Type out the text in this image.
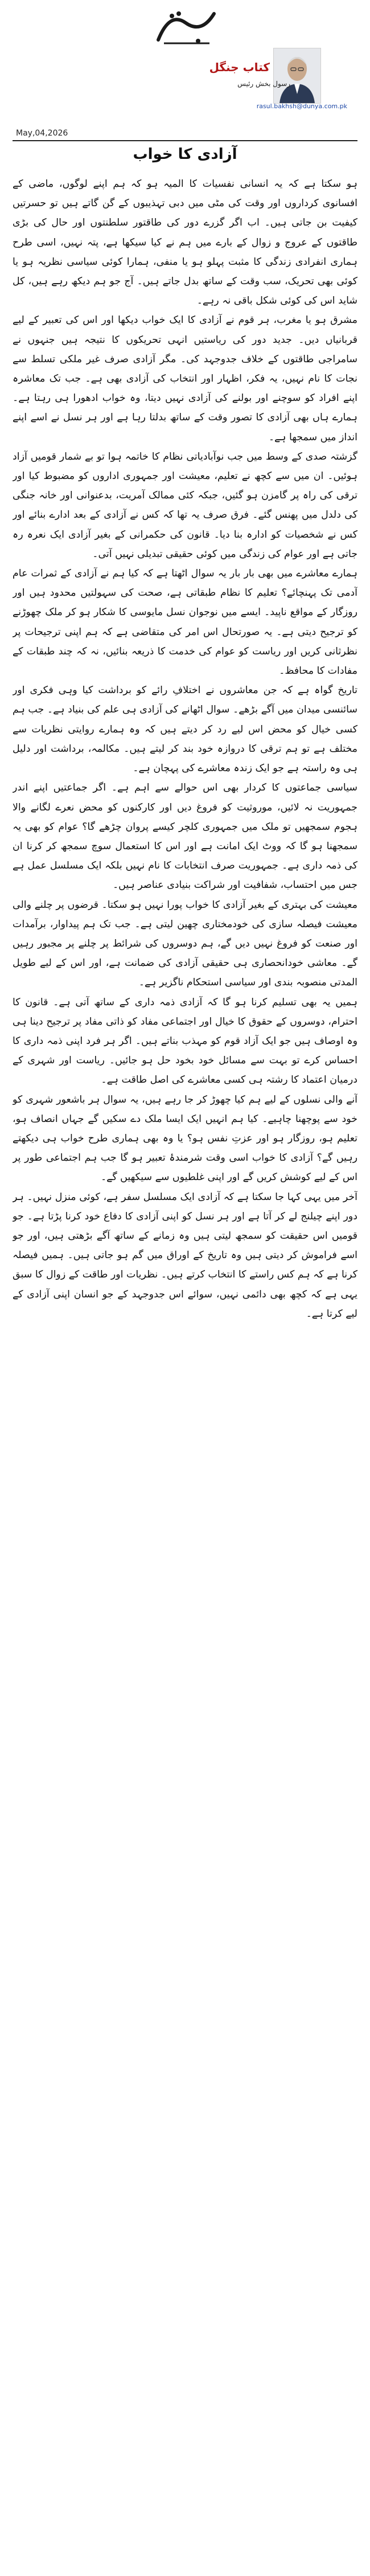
کتاب جنگل
رسول بخش رئیس
rasul.bakhsh@dunya.com.pk
May,04,2026
آزادی کا خواب

ہو سکتا ہے کہ یہ انسانی نفسیات کا المیہ ہو کہ ہم اپنے لوگوں، ماضی کے افسانوی کرداروں اور وقت کی مٹی میں دبی تہذیبوں کے گن گاتے ہیں تو حسرتیں کیفیت بن جاتی ہیں۔ اب اگر گزرے دور کی طاقتور سلطنتوں اور حال کی بڑی طاقتوں کے عروج و زوال کے بارے میں ہم نے کیا سیکھا ہے، پتہ نہیں، اسی طرح ہماری انفرادی زندگی کا مثبت پہلو ہو یا منفی، ہمارا کوئی سیاسی نظریہ ہو یا کوئی بھی تحریک، سب وقت کے ساتھ بدل جاتے ہیں۔ آج جو ہم دیکھ رہے ہیں، کل شاید اس کی کوئی شکل باقی نہ رہے۔

مشرق ہو یا مغرب، ہر قوم نے آزادی کا ایک خواب دیکھا اور اس کی تعبیر کے لیے قربانیاں دیں۔ جدید دور کی ریاستیں انہی تحریکوں کا نتیجہ ہیں جنہوں نے سامراجی طاقتوں کے خلاف جدوجہد کی۔ مگر آزادی صرف غیر ملکی تسلط سے نجات کا نام نہیں، یہ فکر، اظہار اور انتخاب کی آزادی بھی ہے۔ جب تک معاشرہ اپنے افراد کو سوچنے اور بولنے کی آزادی نہیں دیتا، وہ خواب ادھورا ہی رہتا ہے۔ ہمارے ہاں بھی آزادی کا تصور وقت کے ساتھ بدلتا رہا ہے اور ہر نسل نے اسے اپنے انداز میں سمجھا ہے۔

گزشتہ صدی کے وسط میں جب نوآبادیاتی نظام کا خاتمہ ہوا تو بے شمار قومیں آزاد ہوئیں۔ ان میں سے کچھ نے تعلیم، معیشت اور جمہوری اداروں کو مضبوط کیا اور ترقی کی راہ پر گامزن ہو گئیں، جبکہ کئی ممالک آمریت، بدعنوانی اور خانہ جنگی کی دلدل میں پھنس گئے۔ فرق صرف یہ تھا کہ کس نے آزادی کے بعد ادارے بنائے اور کس نے شخصیات کو ادارہ بنا دیا۔ قانون کی حکمرانی کے بغیر آزادی ایک نعرہ رہ جاتی ہے اور عوام کی زندگی میں کوئی حقیقی تبدیلی نہیں آتی۔

ہمارے معاشرے میں بھی بار بار یہ سوال اٹھتا ہے کہ کیا ہم نے آزادی کے ثمرات عام آدمی تک پہنچائے؟ تعلیم کا نظام طبقاتی ہے، صحت کی سہولتیں محدود ہیں اور روزگار کے مواقع ناپید۔ ایسے میں نوجوان نسل مایوسی کا شکار ہو کر ملک چھوڑنے کو ترجیح دیتی ہے۔ یہ صورتحال اس امر کی متقاضی ہے کہ ہم اپنی ترجیحات پر نظرثانی کریں اور ریاست کو عوام کی خدمت کا ذریعہ بنائیں، نہ کہ چند طبقات کے مفادات کا محافظ۔

تاریخ گواہ ہے کہ جن معاشروں نے اختلافِ رائے کو برداشت کیا وہی فکری اور سائنسی میدان میں آگے بڑھے۔ سوال اٹھانے کی آزادی ہی علم کی بنیاد ہے۔ جب ہم کسی خیال کو محض اس لیے رد کر دیتے ہیں کہ وہ ہمارے روایتی نظریات سے مختلف ہے تو ہم ترقی کا دروازہ خود بند کر لیتے ہیں۔ مکالمہ، برداشت اور دلیل ہی وہ راستہ ہے جو ایک زندہ معاشرے کی پہچان ہے۔

سیاسی جماعتوں کا کردار بھی اس حوالے سے اہم ہے۔ اگر جماعتیں اپنے اندر جمہوریت نہ لائیں، موروثیت کو فروغ دیں اور کارکنوں کو محض نعرے لگانے والا ہجوم سمجھیں تو ملک میں جمہوری کلچر کیسے پروان چڑھے گا؟ عوام کو بھی یہ سمجھنا ہو گا کہ ووٹ ایک امانت ہے اور اس کا استعمال سوچ سمجھ کر کرنا ان کی ذمہ داری ہے۔ جمہوریت صرف انتخابات کا نام نہیں بلکہ ایک مسلسل عمل ہے جس میں احتساب، شفافیت اور شراکت بنیادی عناصر ہیں۔

معیشت کی بہتری کے بغیر آزادی کا خواب پورا نہیں ہو سکتا۔ قرضوں پر چلنے والی معیشت فیصلہ سازی کی خودمختاری چھین لیتی ہے۔ جب تک ہم پیداوار، برآمدات اور صنعت کو فروغ نہیں دیں گے، ہم دوسروں کی شرائط پر چلنے پر مجبور رہیں گے۔ معاشی خودانحصاری ہی حقیقی آزادی کی ضمانت ہے، اور اس کے لیے طویل المدتی منصوبہ بندی اور سیاسی استحکام ناگزیر ہے۔

ہمیں یہ بھی تسلیم کرنا ہو گا کہ آزادی ذمہ داری کے ساتھ آتی ہے۔ قانون کا احترام، دوسروں کے حقوق کا خیال اور اجتماعی مفاد کو ذاتی مفاد پر ترجیح دینا ہی وہ اوصاف ہیں جو ایک آزاد قوم کو مہذب بناتے ہیں۔ اگر ہر فرد اپنی ذمہ داری کا احساس کرے تو بہت سے مسائل خود بخود حل ہو جائیں۔ ریاست اور شہری کے درمیان اعتماد کا رشتہ ہی کسی معاشرے کی اصل طاقت ہے۔

آنے والی نسلوں کے لیے ہم کیا چھوڑ کر جا رہے ہیں، یہ سوال ہر باشعور شہری کو خود سے پوچھنا چاہیے۔ کیا ہم انہیں ایک ایسا ملک دے سکیں گے جہاں انصاف ہو، تعلیم ہو، روزگار ہو اور عزتِ نفس ہو؟ یا وہ بھی ہماری طرح خواب ہی دیکھتے رہیں گے؟ آزادی کا خواب اسی وقت شرمندۂ تعبیر ہو گا جب ہم اجتماعی طور پر اس کے لیے کوشش کریں گے اور اپنی غلطیوں سے سیکھیں گے۔

آخر میں یہی کہا جا سکتا ہے کہ آزادی ایک مسلسل سفر ہے، کوئی منزل نہیں۔ ہر دور اپنے چیلنج لے کر آتا ہے اور ہر نسل کو اپنی آزادی کا دفاع خود کرنا پڑتا ہے۔ جو قومیں اس حقیقت کو سمجھ لیتی ہیں وہ زمانے کے ساتھ آگے بڑھتی ہیں، اور جو اسے فراموش کر دیتی ہیں وہ تاریخ کے اوراق میں گم ہو جاتی ہیں۔ ہمیں فیصلہ کرنا ہے کہ ہم کس راستے کا انتخاب کرتے ہیں۔ نظریات اور طاقت کے زوال کا سبق یہی ہے کہ کچھ بھی دائمی نہیں، سوائے اس جدوجہد کے جو انسان اپنی آزادی کے لیے کرتا ہے۔
